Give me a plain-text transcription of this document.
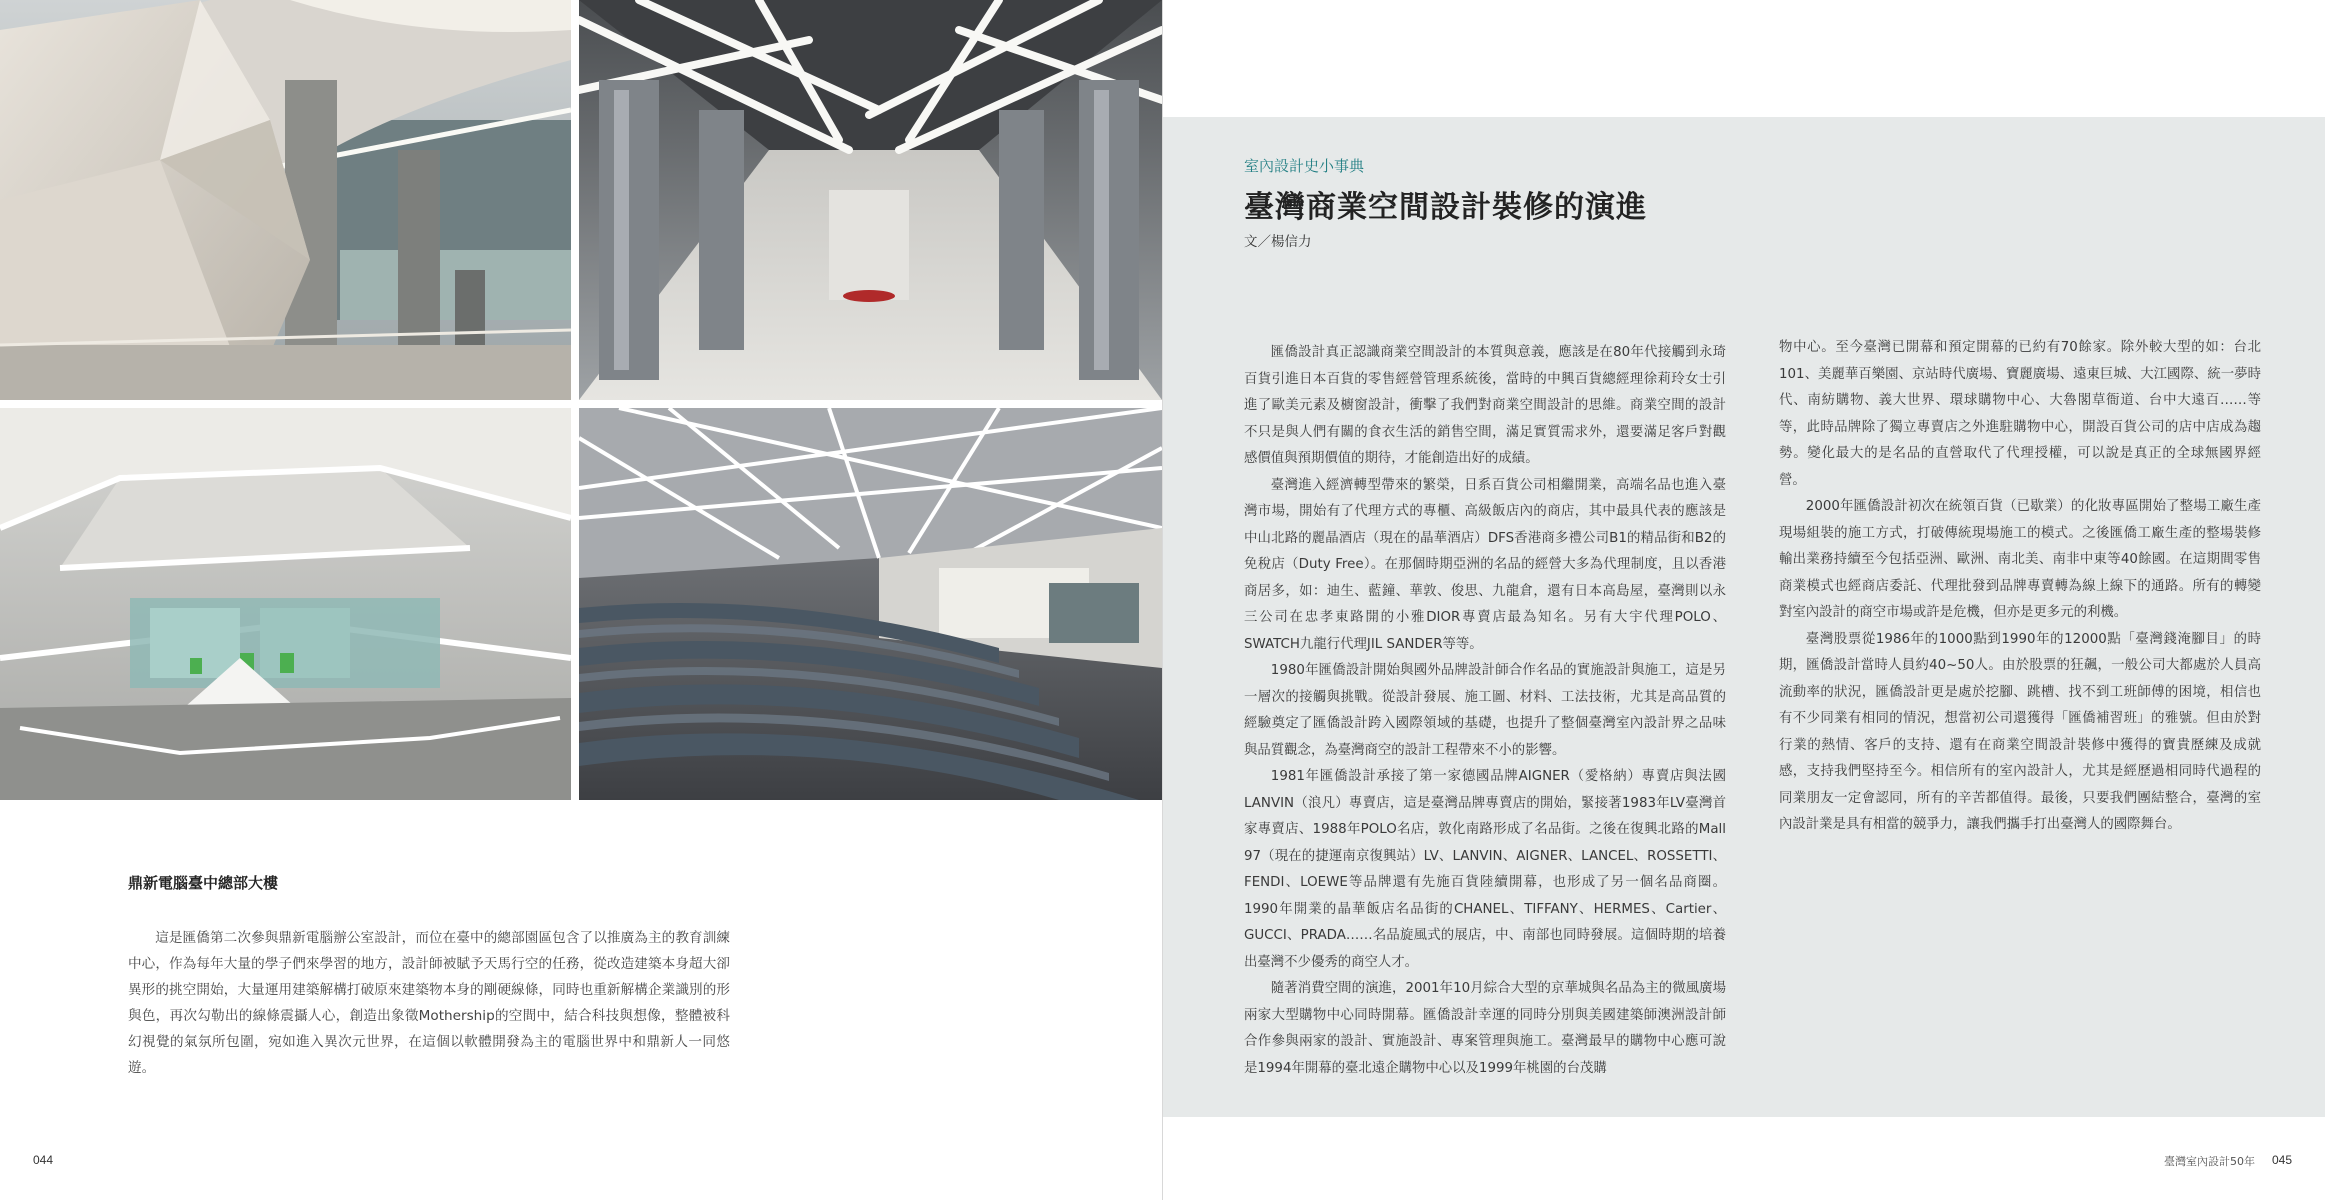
鼎新電腦臺中總部大樓

這是匯僑第二次參與鼎新電腦辦公室設計，而位在臺中的總部園區包含了以推廣為主的教育訓練中心，作為每年大量的學子們來學習的地方，設計師被賦予天馬行空的任務，從改造建築本身超大卻異形的挑空開始，大量運用建築解構打破原來建築物本身的剛硬線條，同時也重新解構企業識別的形與色，再次勾勒出的線條震攝人心，創造出象徵Mothership的空間中，結合科技與想像，整體被科幻視覺的氣氛所包圍，宛如進入異次元世界，在這個以軟體開發為主的電腦世界中和鼎新人一同悠遊。

044
室內設計史小事典
臺灣商業空間設計裝修的演進
文／楊信力

匯僑設計真正認識商業空間設計的本質與意義，應該是在80年代接觸到永琦百貨引進日本百貨的零售經營管理系統後，當時的中興百貨總經理徐莉玲女士引進了歐美元素及櫥窗設計，衝擊了我們對商業空間設計的思維。商業空間的設計不只是與人們有關的食衣生活的銷售空間，滿足實質需求外，還要滿足客戶對觀感價值與預期價值的期待，才能創造出好的成績。

臺灣進入經濟轉型帶來的繁榮，日系百貨公司相繼開業，高端名品也進入臺灣市場，開始有了代理方式的專櫃、高級飯店內的商店，其中最具代表的應該是中山北路的麗晶酒店（現在的晶華酒店）DFS香港商多禮公司B1的精品街和B2的免稅店（Duty Free）。在那個時期亞洲的名品的經營大多為代理制度，且以香港商居多，如：迪生、藍鐘、華敦、俊思、九龍倉，還有日本高島屋，臺灣則以永三公司在忠孝東路開的小雅DIOR專賣店最為知名。另有大宇代理POLO、SWATCH九龍行代理JIL SANDER等等。

1980年匯僑設計開始與國外品牌設計師合作名品的實施設計與施工，這是另一層次的接觸與挑戰。從設計發展、施工圖、材料、工法技術，尤其是高品質的經驗奠定了匯僑設計跨入國際領域的基礎，也提升了整個臺灣室內設計界之品味與品質觀念，為臺灣商空的設計工程帶來不小的影響。

1981年匯僑設計承接了第一家德國品牌AIGNER（愛格納）專賣店與法國LANVIN（浪凡）專賣店，這是臺灣品牌專賣店的開始，緊接著1983年LV臺灣首家專賣店、1988年POLO名店，敦化南路形成了名品街。之後在復興北路的Mall 97（現在的捷運南京復興站）LV、LANVIN、AIGNER、LANCEL、ROSSETTI、FENDI、LOEWE等品牌還有先施百貨陸續開幕，也形成了另一個名品商圈。1990年開業的晶華飯店名品街的CHANEL、TIFFANY、HERMES、Cartier、GUCCI、PRADA……名品旋風式的展店，中、南部也同時發展。這個時期的培養出臺灣不少優秀的商空人才。

隨著消費空間的演進，2001年10月綜合大型的京華城與名品為主的微風廣場兩家大型購物中心同時開幕。匯僑設計幸運的同時分別與美國建築師澳洲設計師合作參與兩家的設計、實施設計、專案管理與施工。臺灣最早的購物中心應可說是1994年開幕的臺北遠企購物中心以及1999年桃園的台茂購

物中心。至今臺灣已開幕和預定開幕的已約有70餘家。除外較大型的如：台北101、美麗華百樂園、京站時代廣場、寶麗廣場、遠東巨城、大江國際、統一夢時代、南紡購物、義大世界、環球購物中心、大魯閣草衙道、台中大遠百……等等，此時品牌除了獨立專賣店之外進駐購物中心，開設百貨公司的店中店成為趨勢。變化最大的是名品的直營取代了代理授權，可以說是真正的全球無國界經營。

2000年匯僑設計初次在統領百貨（已歇業）的化妝專區開始了整場工廠生產現場組裝的施工方式，打破傳統現場施工的模式。之後匯僑工廠生產的整場裝修輸出業務持續至今包括亞洲、歐洲、南北美、南非中東等40餘國。在這期間零售商業模式也經商店委託、代理批發到品牌專賣轉為線上線下的通路。所有的轉變對室內設計的商空市場或許是危機，但亦是更多元的利機。

臺灣股票從1986年的1000點到1990年的12000點「臺灣錢淹腳目」的時期，匯僑設計當時人員約40~50人。由於股票的狂飆，一般公司大都處於人員高流動率的狀況，匯僑設計更是處於挖腳、跳槽、找不到工班師傅的困境，相信也有不少同業有相同的情況，想當初公司還獲得「匯僑補習班」的雅號。但由於對行業的熱情、客戶的支持、還有在商業空間設計裝修中獲得的寶貴歷練及成就感，支持我們堅持至今。相信所有的室內設計人，尤其是經歷過相同時代過程的同業朋友一定會認同，所有的辛苦都值得。最後，只要我們團結整合，臺灣的室內設計業是具有相當的競爭力，讓我們攜手打出臺灣人的國際舞台。

臺灣室內設計50年 045
